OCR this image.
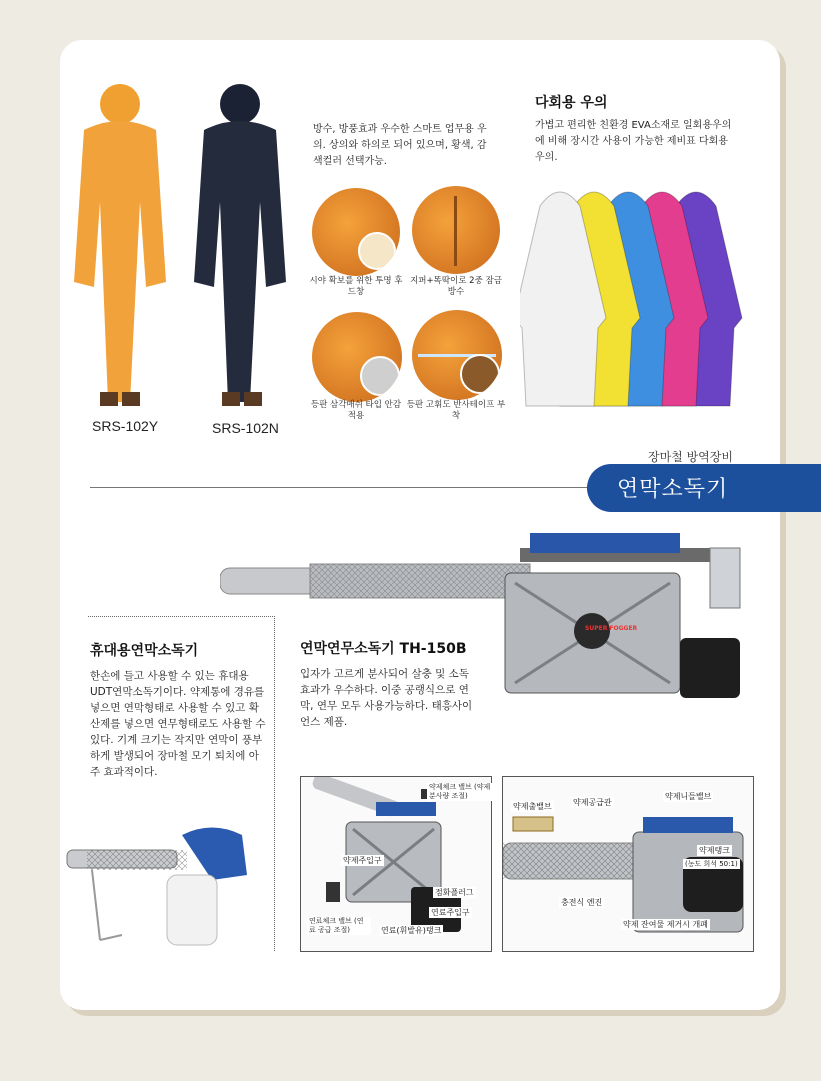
SRS-102Y	SRS-102N
방수, 방풍효과 우수한 스마트 업무용 우의. 상의와 하의로 되어 있으며, 황색, 감색컬러 선택가능.
시야 확보를 위한 투명 후드창
지퍼+똑딱이로 2중 잠금 방수
등판 삼각매쉬 타입 안감 적용
등판 고휘도 반사테이프 부착
다회용 우의
가볍고 편리한 친환경 EVA소재로 일회용우의에 비해 장시간 사용이 가능한 제비표 다회용 우의.
장마철 방역장비
연막소독기
SUPER FOGGER
연막연무소독기 TH-150B
입자가 고르게 분사되어 살충 및 소독효과가 우수하다. 이중 공랭식으로 연막, 연무 모두 사용가능하다. 태흥사이언스 제품.
휴대용연막소독기
한손에 들고 사용할 수 있는 휴대용 UDT연막소독기이다. 약제통에 경유를 넣으면 연막형태로 사용할 수 있고 확산제를 넣으면 연무형태로도 사용할 수 있다. 기계 크기는 작지만 연막이 풍부하게 발생되어 장마철 모기 퇴치에 아주 효과적이다.
약제체크 밸브 (약제 분사량 조절)
약제주입구
점화플러그
연료주입구
연료체크 밸브 (연료 공급 조절)	연료(휘발유)탱크
약제출밸브	약제공급관
약제니들밸브
약제탱크
(농도 희석 50:1)
충전식 엔진
약제 잔여물 제거시 개폐
